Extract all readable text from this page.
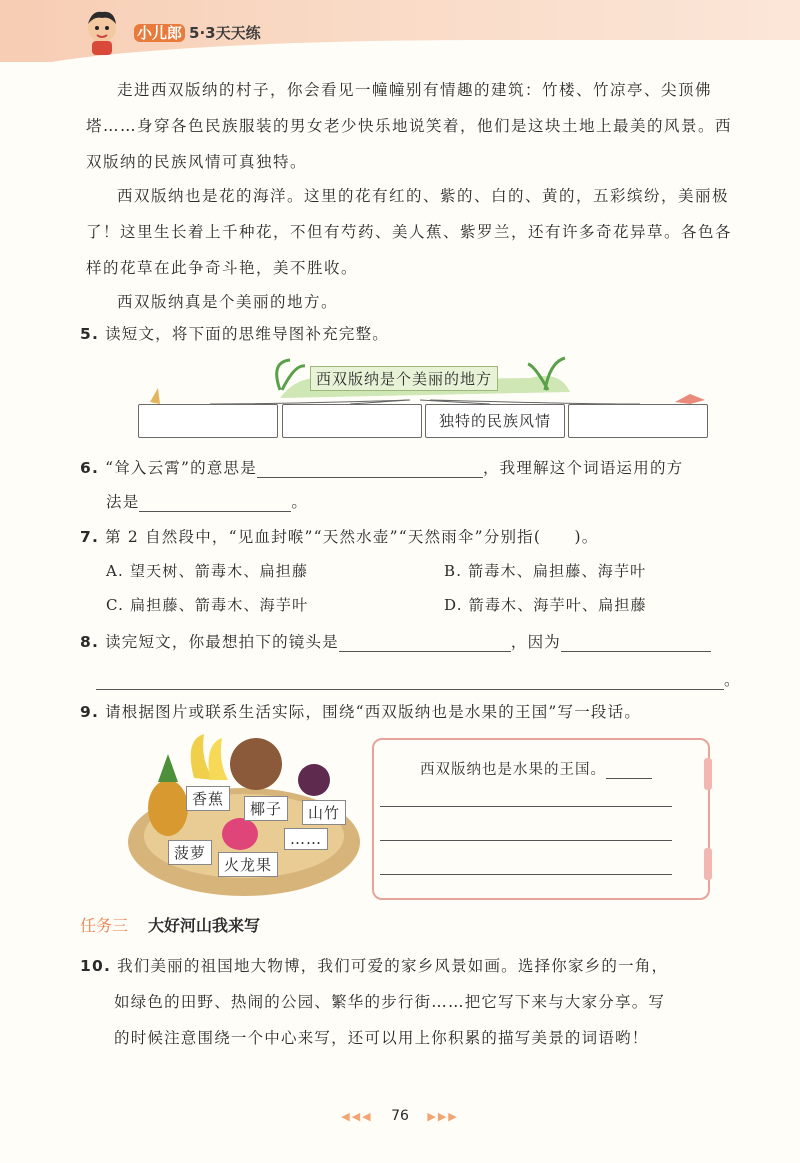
小儿郎 5·3天天练
走进西双版纳的村子，你会看见一幢幢别有情趣的建筑：竹楼、竹凉亭、尖顶佛塔……身穿各色民族服装的男女老少快乐地说笑着，他们是这块土地上最美的风景。西双版纳的民族风情可真独特。
西双版纳也是花的海洋。这里的花有红的、紫的、白的、黄的，五彩缤纷，美丽极了！这里生长着上千种花，不但有芍药、美人蕉、紫罗兰，还有许多奇花异草。各色各样的花草在此争奇斗艳，美不胜收。
西双版纳真是个美丽的地方。
5. 读短文，将下面的思维导图补充完整。
西双版纳是个美丽的地方
独特的民族风情
6. “耸入云霄”的意思是	，我理解这个词语运用的方
法是	。
7. 第 2 自然段中，“见血封喉”“天然水壶”“天然雨伞”分别指(　　)。
A. 望天树、箭毒木、扁担藤	B. 箭毒木、扁担藤、海芋叶
C. 扁担藤、箭毒木、海芋叶	D. 箭毒木、海芋叶、扁担藤
8. 读完短文，你最想拍下的镜头是	，因为
。
9. 请根据图片或联系生活实际，围绕“西双版纳也是水果的王国”写一段话。
香蕉
椰子	山竹
菠萝
火龙果
……
西双版纳也是水果的王国。
任务三 大好河山我来写
10. 我们美丽的祖国地大物博，我们可爱的家乡风景如画。选择你家乡的一角，
如绿色的田野、热闹的公园、繁华的步行街……把它写下来与大家分享。写
的时候注意围绕一个中心来写，还可以用上你积累的描写美景的词语哟！
◀◀◀ 76 ▶▶▶
